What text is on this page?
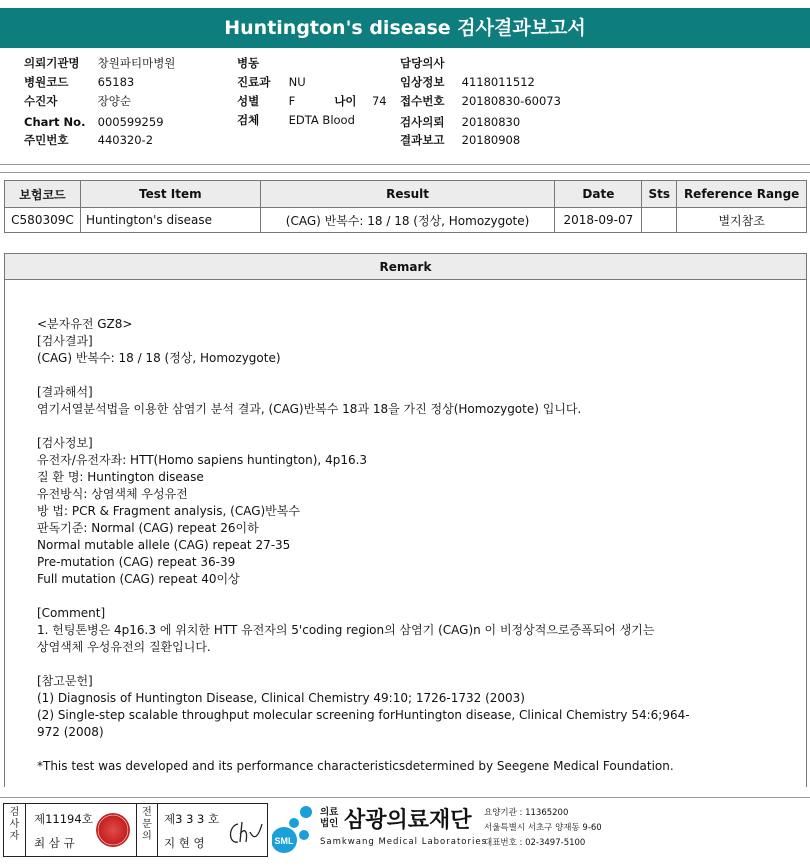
Huntington's disease 검사결과보고서
의뢰기관명 창원파티마병원
병원코드	65183
수진자	장양순
Chart No. 000599259
주민번호	440320-2
병동
진료과 NU
성별	F	나이 74
검체	EDTA Blood
담당의사
임상정보 4118011512
접수번호 20180830-60073
검사의뢰 20180830
결과보고 20180908
보험코드	Test Item	Result	Date	Sts	Reference Range
C580309C	Huntington's disease	(CAG) 반복수: 18 / 18 (정상, Homozygote)	2018-09-07		별지참조
Remark
<분자유전 GZ8>
[검사결과]
(CAG) 반복수: 18 / 18 (정상, Homozygote)

[결과해석]
염기서열분석법을 이용한 삼염기 분석 결과, (CAG)반복수 18과 18을 가진 정상(Homozygote) 입니다.

[검사정보]
유전자/유전자좌: HTT(Homo sapiens huntington), 4p16.3
질 환 명: Huntington disease
유전방식: 상염색체 우성유전
방 법: PCR & Fragment analysis, (CAG)반복수
판독기준: Normal (CAG) repeat 26이하
Normal mutable allele (CAG) repeat 27-35
Pre-mutation (CAG) repeat 36-39
Full mutation (CAG) repeat 40이상

[Comment]
1. 헌팅톤병은 4p16.3 에 위치한 HTT 유전자의 5'coding region의 삼염기 (CAG)n 이 비정상적으로증폭되어 생기는
상염색체 우성유전의 질환입니다.

[참고문헌]
(1) Diagnosis of Huntington Disease, Clinical Chemistry 49:10; 1726-1732 (2003)
(2) Single-step scalable throughput molecular screening forHuntington disease, Clinical Chemistry 54:6;964-
972 (2008)

*This test was developed and its performance characteristicsdetermined by Seegene Medical Foundation.
검사자
제11194호
최 삼 규
전문의
제3 3 3 호
지 현 영	SML
의료
법인 삼광의료재단
Samkwang Medical Laboratories
요양기관 : 11365200
서울특별시 서초구 양재동 9-60
대표번호 : 02-3497-5100
